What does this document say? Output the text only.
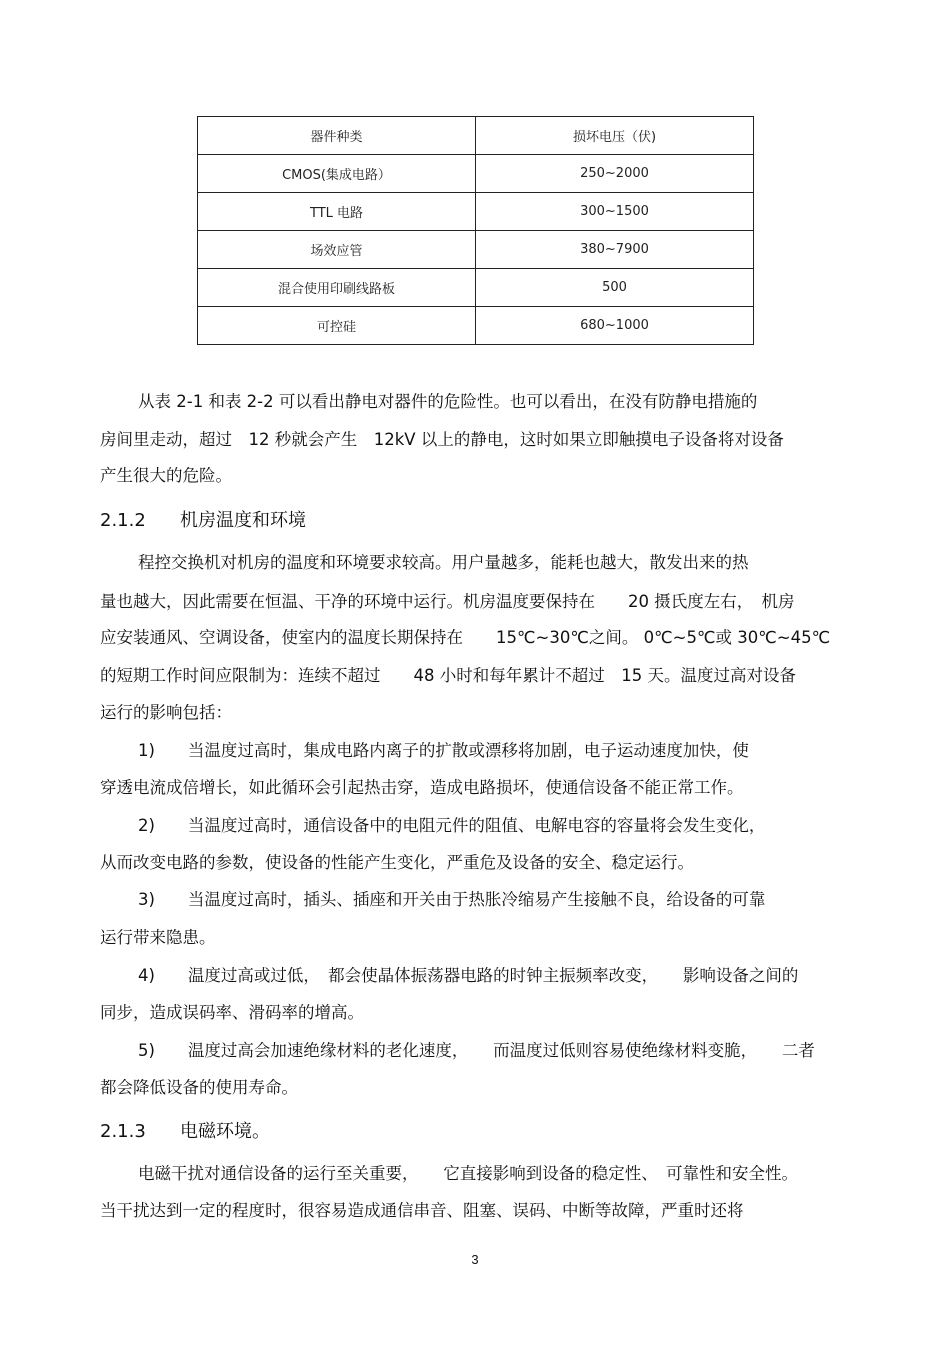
器件种类	损坏电压（伏)
CMOS(集成电路）	250~2000
TTL 电路	300~1500
场效应管	380~7900
混合使用印刷线路板	500
可控硅	680~1000
从表 2-1 和表 2-2 可以看出静电对器件的危险性。也可以看出，在没有防静电措施的
房间里走动，超过　12 秒就会产生　12kV 以上的静电，这时如果立即触摸电子设备将对设备
产生很大的危险。
2.1.2 机房温度和环境
程控交换机对机房的温度和环境要求较高。用户量越多，能耗也越大，散发出来的热
量也越大，因此需要在恒温、干净的环境中运行。机房温度要保持在　　20 摄氏度左右，　机房
应安装通风、空调设备，使室内的温度长期保持在　　15℃~30℃之间。 0℃~5℃或 30℃~45℃
的短期工作时间应限制为：连续不超过　　48 小时和每年累计不超过　15 天。温度过高对设备
运行的影响包括：
1)　　当温度过高时，集成电路内离子的扩散或漂移将加剧，电子运动速度加快，使
穿透电流成倍增长，如此循环会引起热击穿，造成电路损坏，使通信设备不能正常工作。
2)　　当温度过高时，通信设备中的电阻元件的阻值、电解电容的容量将会发生变化，
从而改变电路的参数，使设备的性能产生变化，严重危及设备的安全、稳定运行。
3)　　当温度过高时，插头、插座和开关由于热胀冷缩易产生接触不良，给设备的可靠
运行带来隐患。
4)　　温度过高或过低，　都会使晶体振荡器电路的时钟主振频率改变，　　影响设备之间的
同步，造成误码率、滑码率的增高。
5)　　温度过高会加速绝缘材料的老化速度，　　而温度过低则容易使绝缘材料变脆，　　二者
都会降低设备的使用寿命。
2.1.3 电磁环境。
电磁干扰对通信设备的运行至关重要，　　它直接影响到设备的稳定性、　可靠性和安全性。
当干扰达到一定的程度时，很容易造成通信串音、阻塞、误码、中断等故障，严重时还将
3
